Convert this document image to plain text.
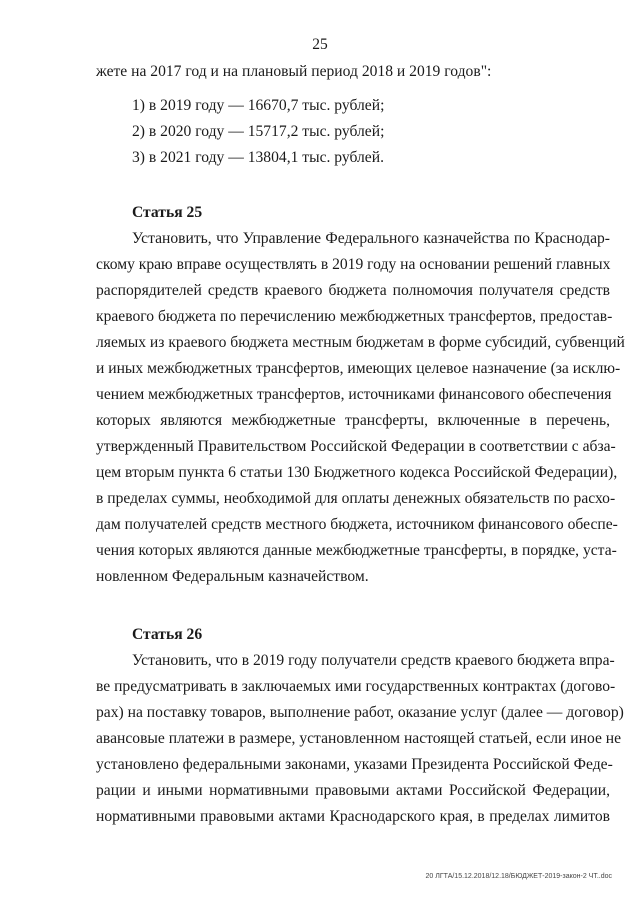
25
жете на 2017 год и на плановый период 2018 и 2019 годов":
1) в 2019 году — 16670,7 тыс. рублей;
2) в 2020 году — 15717,2 тыс. рублей;
3) в 2021 году — 13804,1 тыс. рублей.
Статья 25
Установить, что Управление Федерального казначейства по Краснодар-
скому краю вправе осуществлять в 2019 году на основании решений главных
распорядителей средств краевого бюджета полномочия получателя средств
краевого бюджета по перечислению межбюджетных трансфертов, предостав-
ляемых из краевого бюджета местным бюджетам в форме субсидий, субвенций
и иных межбюджетных трансфертов, имеющих целевое назначение (за исклю-
чением межбюджетных трансфертов, источниками финансового обеспечения
которых являются межбюджетные трансферты, включенные в перечень,
утвержденный Правительством Российской Федерации в соответствии с абза-
цем вторым пункта 6 статьи 130 Бюджетного кодекса Российской Федерации),
в пределах суммы, необходимой для оплаты денежных обязательств по расхо-
дам получателей средств местного бюджета, источником финансового обеспе-
чения которых являются данные межбюджетные трансферты, в порядке, уста-
новленном Федеральным казначейством.
Статья 26
Установить, что в 2019 году получатели средств краевого бюджета впра-
ве предусматривать в заключаемых ими государственных контрактах (догово-
рах) на поставку товаров, выполнение работ, оказание услуг (далее — договор)
авансовые платежи в размере, установленном настоящей статьей, если иное не
установлено федеральными законами, указами Президента Российской Феде-
рации и иными нормативными правовыми актами Российской Федерации,
нормативными правовыми актами Краснодарского края, в пределах лимитов
20 ЛГТА/15.12.2018/12.18/БЮДЖЕТ-2019-закон-2 ЧТ..doc
